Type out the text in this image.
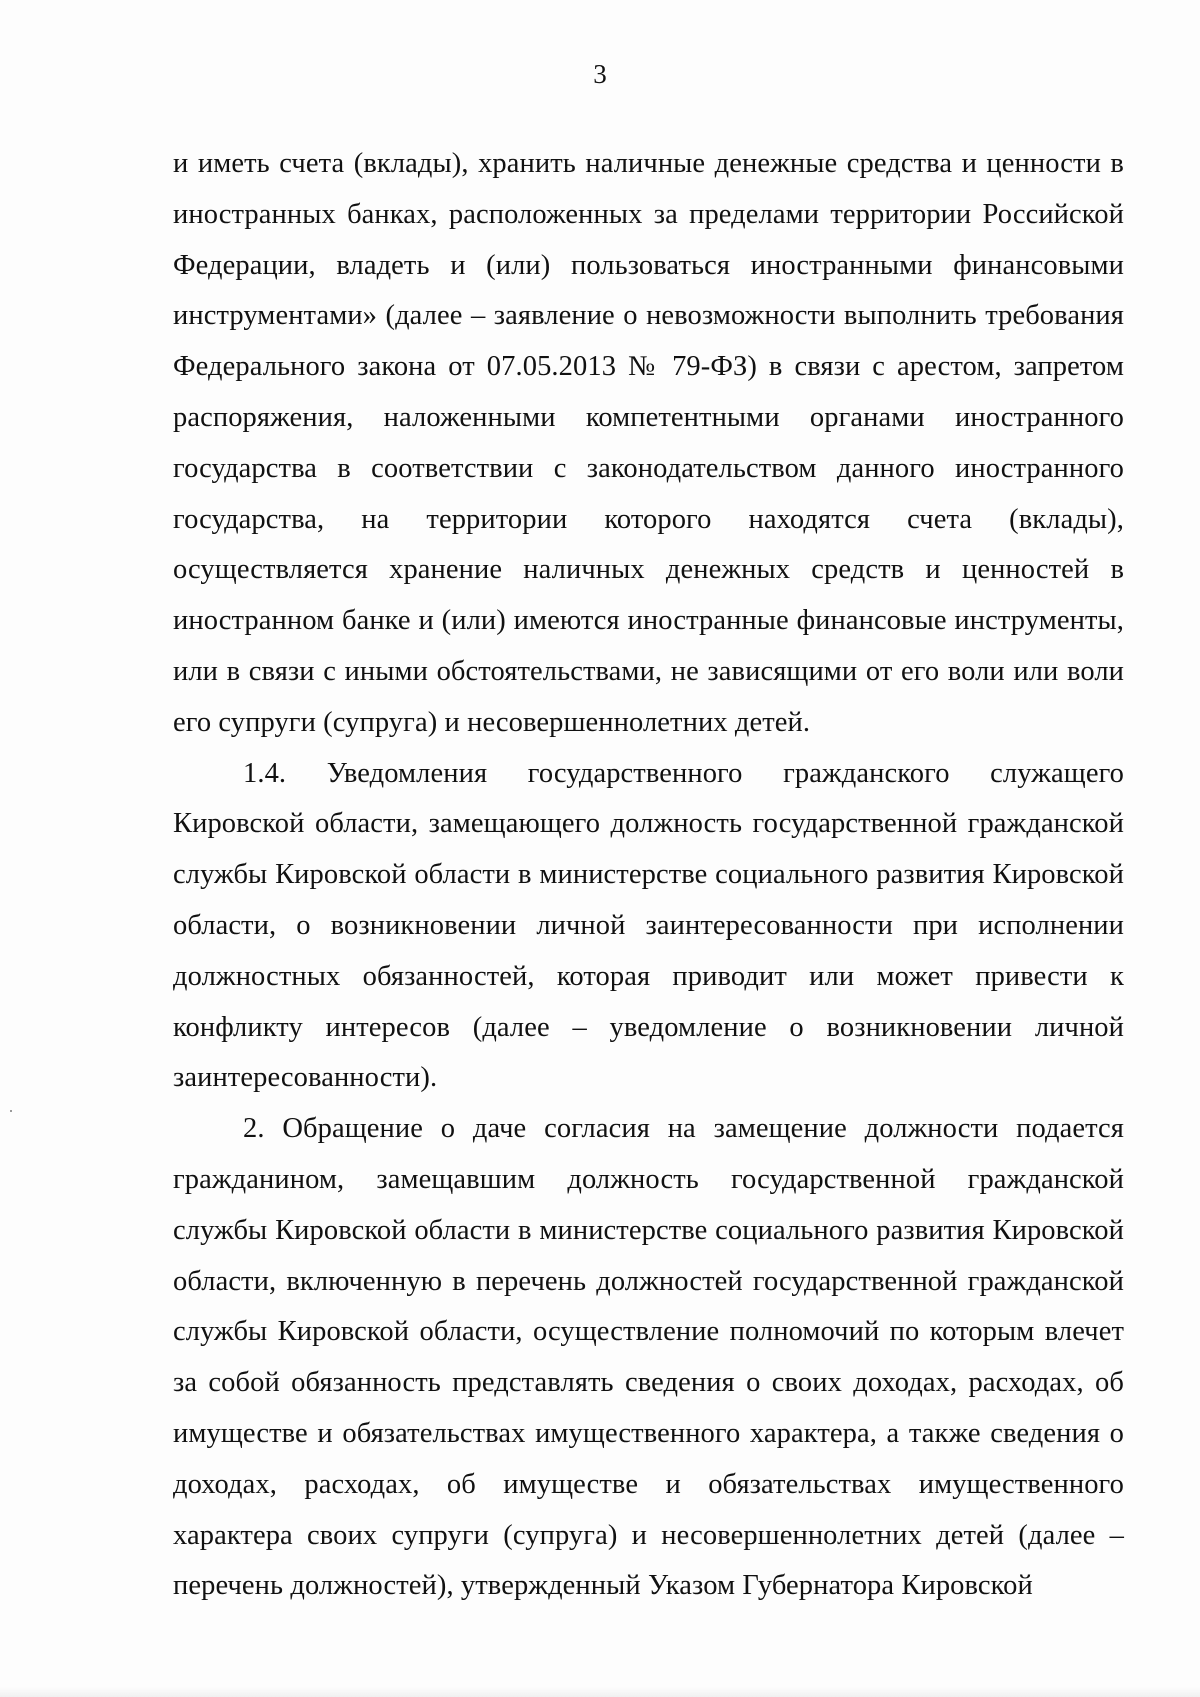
3

и иметь счета (вклады), хранить наличные денежные средства и ценности в иностранных банках, расположенных за пределами территории Российской Федерации, владеть и (или) пользоваться иностранными финансовыми инструментами» (далее – заявление о невозможности выполнить требования Федерального закона от 07.05.2013 № 79-ФЗ) в связи с арестом, запретом распоряжения, наложенными компетентными органами иностранного государства в соответствии с законодательством данного иностранного государства, на территории которого находятся счета (вклады), осуществляется хранение наличных денежных средств и ценностей в иностранном банке и (или) имеются иностранные финансовые инструменты, или в связи с иными обстоятельствами, не зависящими от его воли или воли его супруги (супруга) и несовершеннолетних детей.

1.4. Уведомления государственного гражданского служащего Кировской области, замещающего должность государственной гражданской службы Кировской области в министерстве социального развития Кировской области, о возникновении личной заинтересованности при исполнении должностных обязанностей, которая приводит или может привести к конфликту интересов (далее – уведомление о возникновении личной заинтересованности).

2. Обращение о даче согласия на замещение должности подается гражданином, замещавшим должность государственной гражданской службы Кировской области в министерстве социального развития Кировской области, включенную в перечень должностей государственной гражданской службы Кировской области, осуществление полномочий по которым влечет за собой обязанность представлять сведения о своих доходах, расходах, об имуществе и обязательствах имущественного характера, а также сведения о доходах, расходах, об имуществе и обязательствах имущественного характера своих супруги (супруга) и несовершеннолетних детей (далее – перечень должностей), утвержденный Указом Губернатора Кировской
